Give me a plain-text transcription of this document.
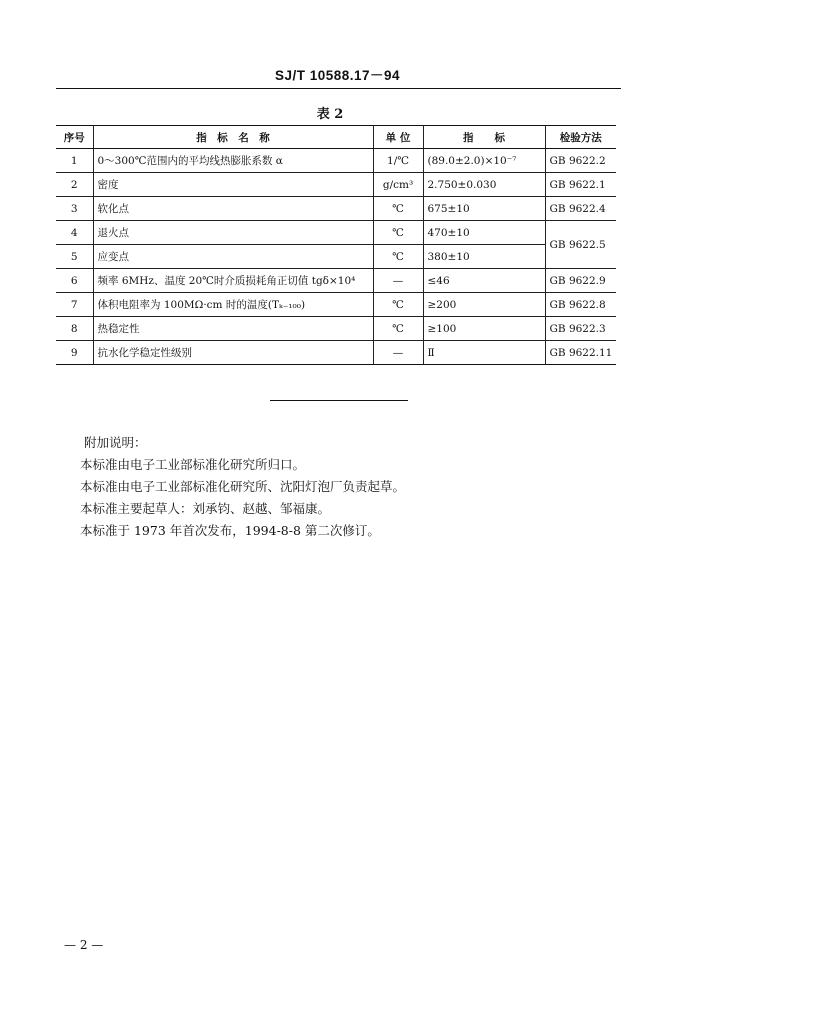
SJ/T 10588.17－94
表 2
序号	指　标　名　称	单 位	指　　标	检验方法
1	0～300℃范围内的平均线热膨胀系数 α	1/℃	(89.0±2.0)×10⁻⁷	GB 9622.2
2	密度	g/cm³	2.750±0.030	GB 9622.1
3	软化点	℃	675±10	GB 9622.4
4	退火点	℃	470±10	GB 9622.5
5	应变点	℃	380±10	
6	频率 6MHz、温度 20℃时介质损耗角正切值 tgδ×10⁴	—	≤46	GB 9622.9
7	体积电阻率为 100MΩ·cm 时的温度(Tₖ₋₁₀₀)	℃	≥200	GB 9622.8
8	热稳定性	℃	≥100	GB 9622.3
9	抗水化学稳定性级别	—	Ⅱ	GB 9622.11
附加说明：
本标准由电子工业部标准化研究所归口。
本标准由电子工业部标准化研究所、沈阳灯泡厂负责起草。
本标准主要起草人：刘承钧、赵越、邹福康。
本标准于 1973 年首次发布，1994-8-8 第二次修订。
— 2 —
